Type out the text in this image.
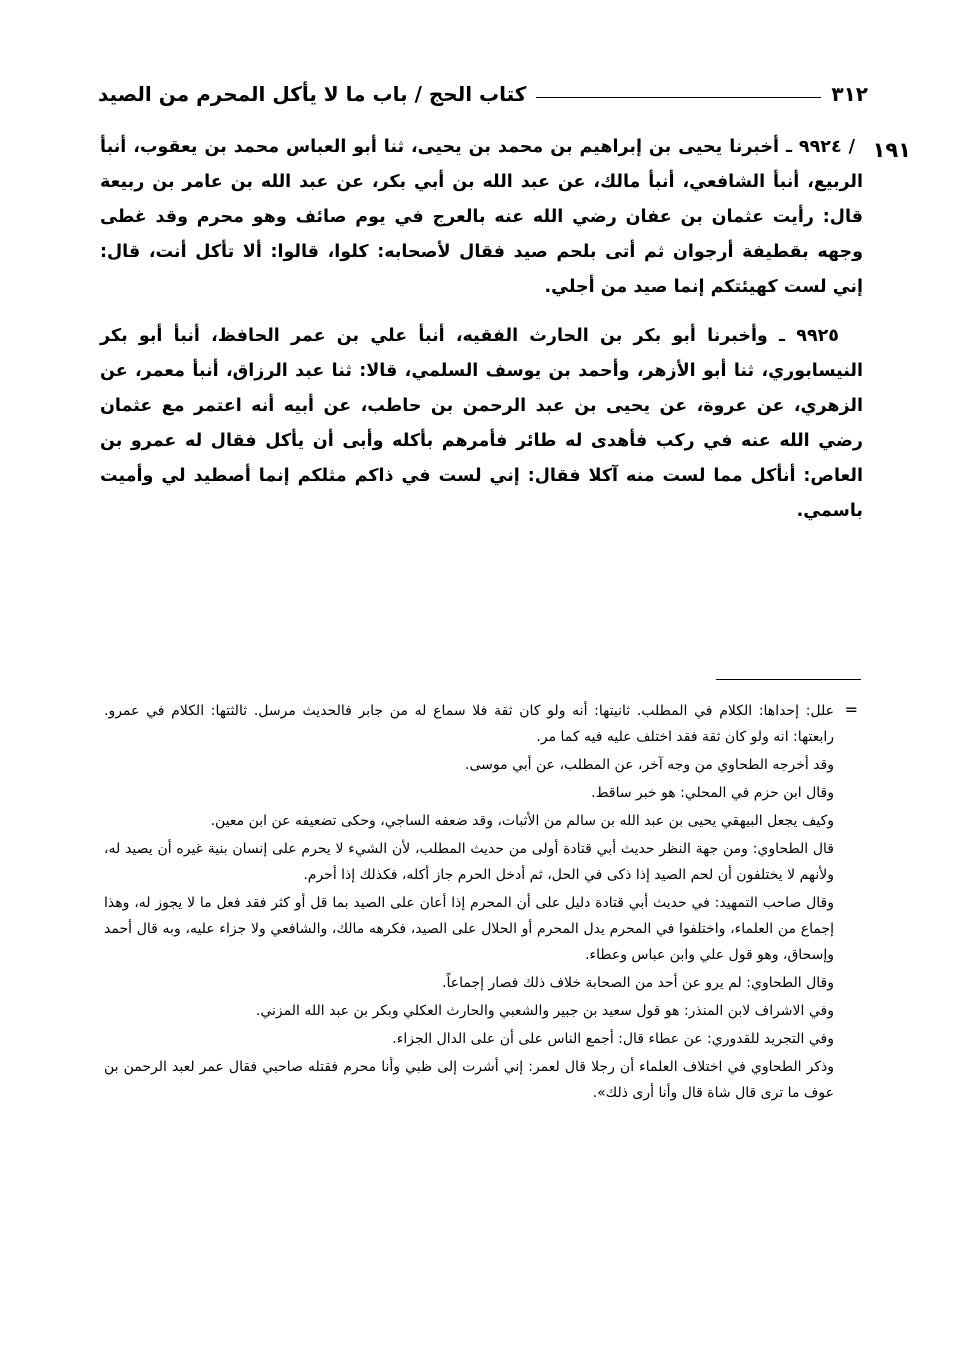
٣١٢
كتاب الحج / باب ما لا يأكل المحرم من الصيد
١٩١

/ ٩٩٢٤ ـ أخبرنا يحيى بن إبراهيم بن محمد بن يحيى، ثنا أبو العباس محمد بن يعقوب، أنبأ الربيع، أنبأ الشافعي، أنبأ مالك، عن عبد الله بن أبي بكر، عن عبد الله بن عامر بن ربيعة قال: رأيت عثمان بن عفان رضي الله عنه بالعرج في يوم صائف وهو محرم وقد غطى وجهه بقطيفة أرجوان ثم أتى بلحم صيد فقال لأصحابه: كلوا، قالوا: ألا تأكل أنت، قال: إني لست كهيئتكم إنما صيد من أجلي.

٩٩٢٥ ـ وأخبرنا أبو بكر بن الحارث الفقيه، أنبأ علي بن عمر الحافظ، أنبأ أبو بكر النيسابوري، ثنا أبو الأزهر، وأحمد بن يوسف السلمي، قالا: ثنا عبد الرزاق، أنبأ معمر، عن الزهري، عن عروة، عن يحيى بن عبد الرحمن بن حاطب، عن أبيه أنه اعتمر مع عثمان رضي الله عنه في ركب فأهدى له طائر فأمرهم بأكله وأبى أن يأكل فقال له عمرو بن العاص: أنأكل مما لست منه آكلا فقال: إني لست في ذاكم مثلكم إنما أصطيد لي وأميت باسمي.

=

علل: إحداها: الكلام في المطلب. ثانيتها: أنه ولو كان ثقة فلا سماع له من جابر فالحديث مرسل. ثالثتها: الكلام في عمرو. رابعتها: انه ولو كان ثقة فقد اختلف عليه فيه كما مر.

وقد أخرجه الطحاوي من وجه آخر، عن المطلب، عن أبي موسى.

وقال ابن حزم في المحلي: هو خبر ساقط.

وكيف يجعل البيهقي يحيى بن عبد الله بن سالم من الأثبات، وقد ضعفه الساجي، وحكى تضعيفه عن ابن معين.

قال الطحاوي: ومن جهة النظر حديث أبي قتادة أولى من حديث المطلب، لأن الشيء لا يحرم على إنسان بنية غيره أن يصيد له، ولأنهم لا يختلفون أن لحم الصيد إذا ذكى في الحل، ثم أدخل الحرم جاز أكله، فكذلك إذا أحرم.

وقال صاحب التمهيد: في حديث أبي قتادة دليل على أن المحرم إذا أعان على الصيد بما قل أو كثر فقد فعل ما لا يجوز له، وهذا إجماع من العلماء، واختلفوا في المحرم يدل المحرم أو الحلال على الصيد، فكرهه مالك، والشافعي ولا جزاء عليه، وبه قال أحمد وإسحاق، وهو قول علي وابن عباس وعطاء.

وقال الطحاوي: لم يرو عن أحد من الصحابة خلاف ذلك فصار إجماعاً.

وفي الاشراف لابن المنذر: هو قول سعيد بن جبير والشعبي والحارث العكلي وبكر بن عبد الله المزني.

وفي التجريد للقدوري: عن عطاء قال: أجمع الناس على أن على الدال الجزاء.

وذكر الطحاوي في اختلاف العلماء أن رجلا قال لعمر: إني أشرت إلى ظبي وأنا محرم فقتله صاحبي فقال عمر لعبد الرحمن بن عوف ما ترى قال شاة قال وأنا أرى ذلك».
